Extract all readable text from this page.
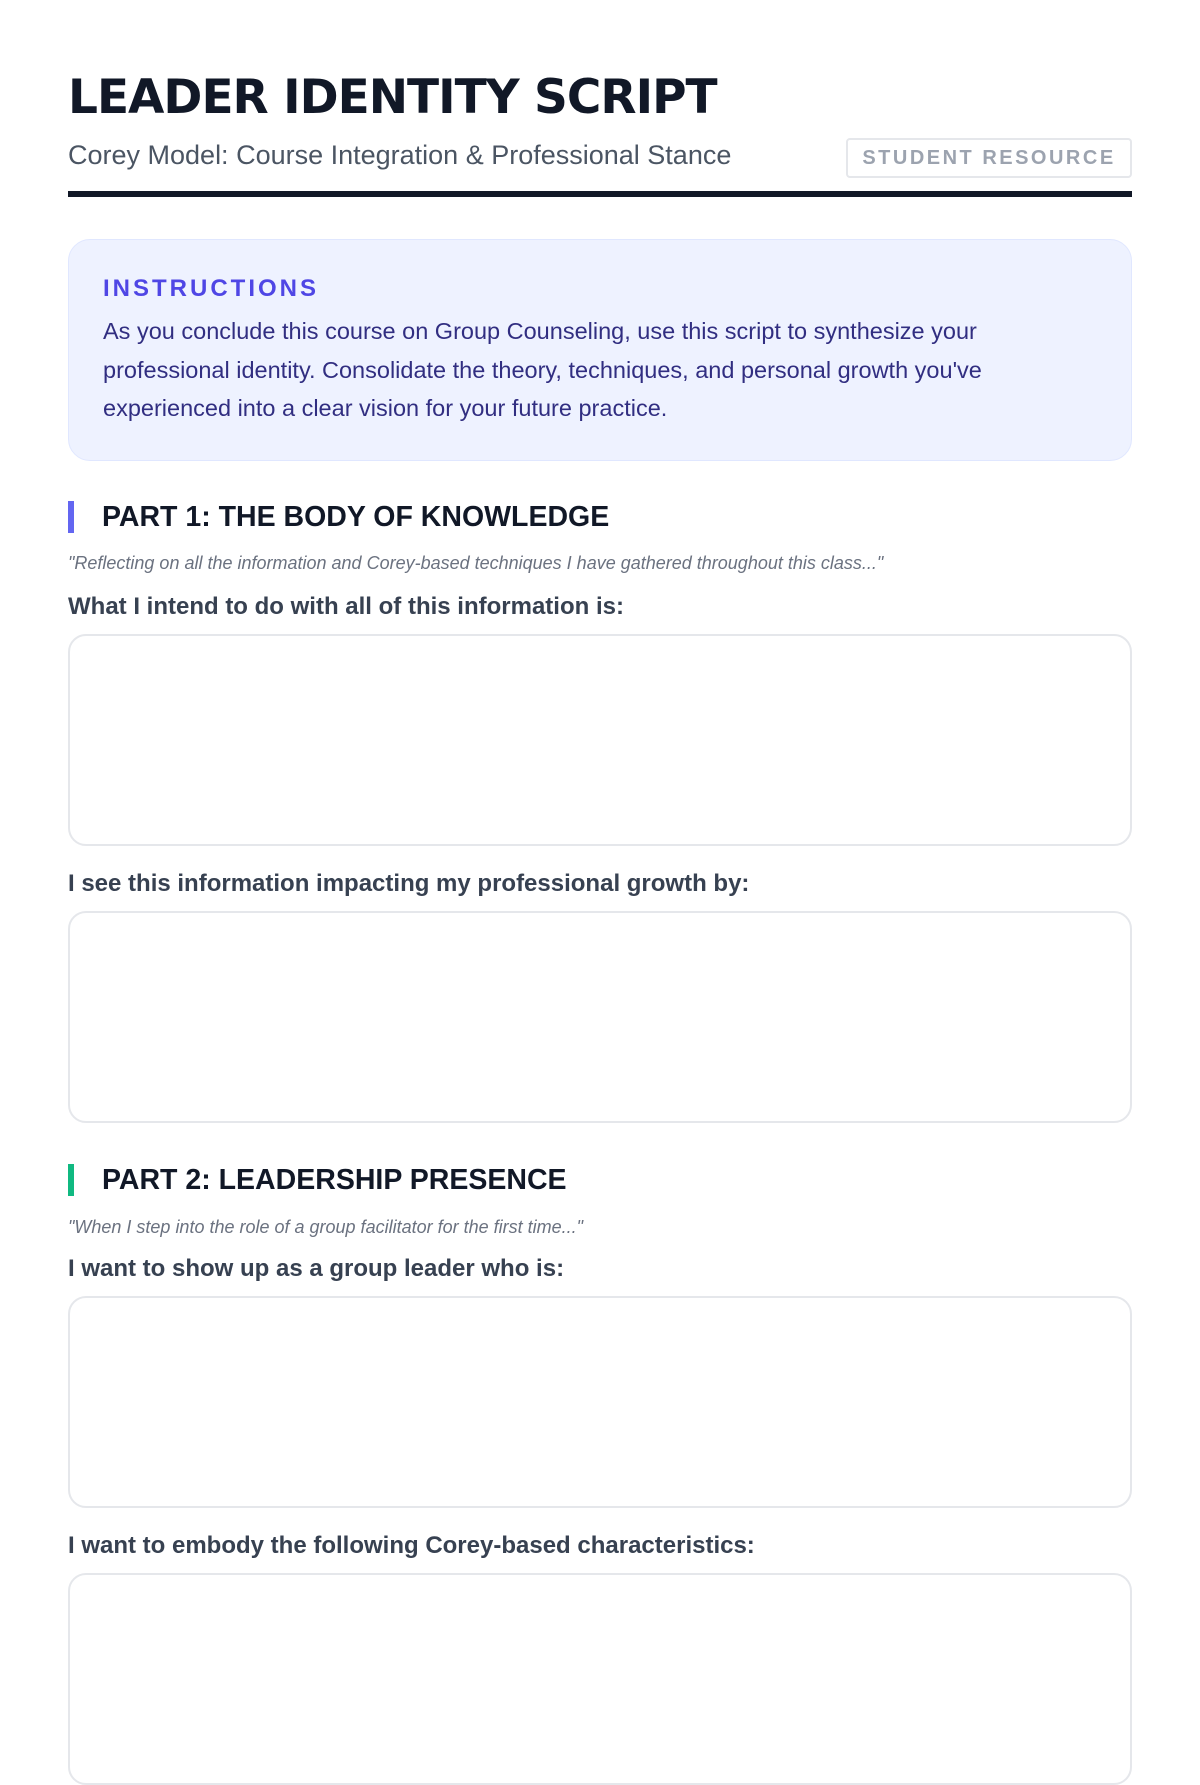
LEADER IDENTITY SCRIPT
Corey Model: Course Integration & Professional Stance	STUDENT RESOURCE
INSTRUCTIONS
As you conclude this course on Group Counseling, use this script to synthesize your professional identity. Consolidate the theory, techniques, and personal growth you've experienced into a clear vision for your future practice.
PART 1: THE BODY OF KNOWLEDGE
"Reflecting on all the information and Corey-based techniques I have gathered throughout this class..."
What I intend to do with all of this information is:
I see this information impacting my professional growth by:
PART 2: LEADERSHIP PRESENCE
"When I step into the role of a group facilitator for the first time..."
I want to show up as a group leader who is:
I want to embody the following Corey-based characteristics:
